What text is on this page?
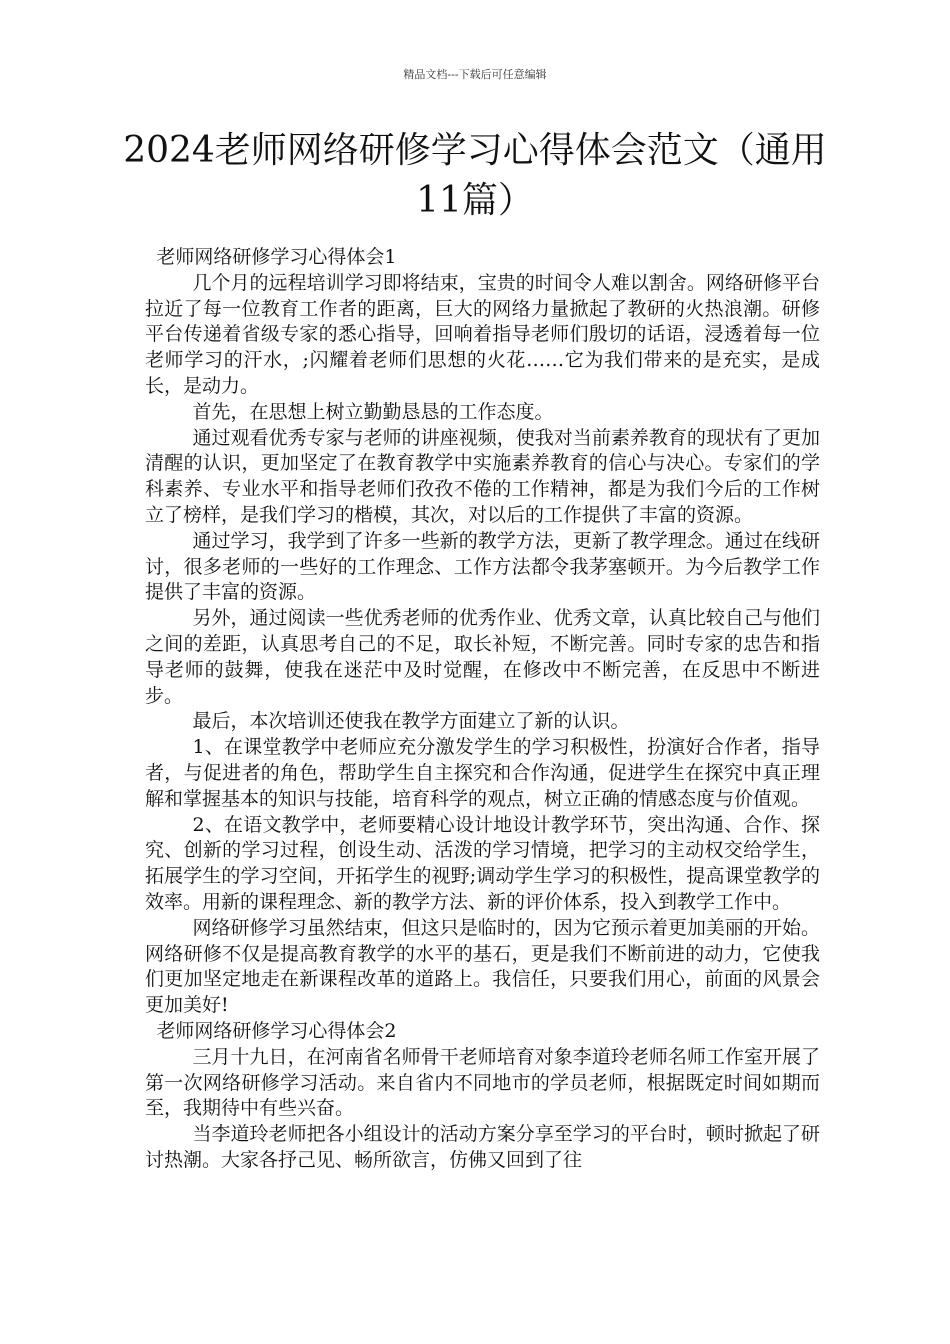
精品文档---下载后可任意编辑
2024老师网络研修学习心得体会范文（通用11篇）
老师网络研修学习心得体会1

几个月的远程培训学习即将结束，宝贵的时间令人难以割舍。网络研修平台拉近了每一位教育工作者的距离，巨大的网络力量掀起了教研的火热浪潮。研修平台传递着省级专家的悉心指导，回响着指导老师们殷切的话语，浸透着每一位老师学习的汗水，;闪耀着老师们思想的火花……它为我们带来的是充实，是成长，是动力。

首先，在思想上树立勤勤恳恳的工作态度。

通过观看优秀专家与老师的讲座视频，使我对当前素养教育的现状有了更加清醒的认识，更加坚定了在教育教学中实施素养教育的信心与决心。专家们的学科素养、专业水平和指导老师们孜孜不倦的工作精神，都是为我们今后的工作树立了榜样，是我们学习的楷模，其次，对以后的工作提供了丰富的资源。

通过学习，我学到了许多一些新的教学方法，更新了教学理念。通过在线研讨，很多老师的一些好的工作理念、工作方法都令我茅塞顿开。为今后教学工作提供了丰富的资源。

另外，通过阅读一些优秀老师的优秀作业、优秀文章，认真比较自己与他们之间的差距，认真思考自己的不足，取长补短，不断完善。同时专家的忠告和指导老师的鼓舞，使我在迷茫中及时觉醒，在修改中不断完善，在反思中不断进步。

最后，本次培训还使我在教学方面建立了新的认识。

1、在课堂教学中老师应充分激发学生的学习积极性，扮演好合作者，指导者，与促进者的角色，帮助学生自主探究和合作沟通，促进学生在探究中真正理解和掌握基本的知识与技能，培育科学的观点，树立正确的情感态度与价值观。

2、在语文教学中，老师要精心设计地设计教学环节，突出沟通、合作、探究、创新的学习过程，创设生动、活泼的学习情境，把学习的主动权交给学生，拓展学生的学习空间，开拓学生的视野;调动学生学习的积极性，提高课堂教学的效率。用新的课程理念、新的教学方法、新的评价体系，投入到教学工作中。

网络研修学习虽然结束，但这只是临时的，因为它预示着更加美丽的开始。网络研修不仅是提高教育教学的水平的基石，更是我们不断前进的动力，它使我们更加坚定地走在新课程改革的道路上。我信任，只要我们用心，前面的风景会更加美好!

老师网络研修学习心得体会2

三月十九日，在河南省名师骨干老师培育对象李道玲老师名师工作室开展了第一次网络研修学习活动。来自省内不同地市的学员老师，根据既定时间如期而至，我期待中有些兴奋。

当李道玲老师把各小组设计的活动方案分享至学习的平台时，顿时掀起了研讨热潮。大家各抒己见、畅所欲言，仿佛又回到了往
